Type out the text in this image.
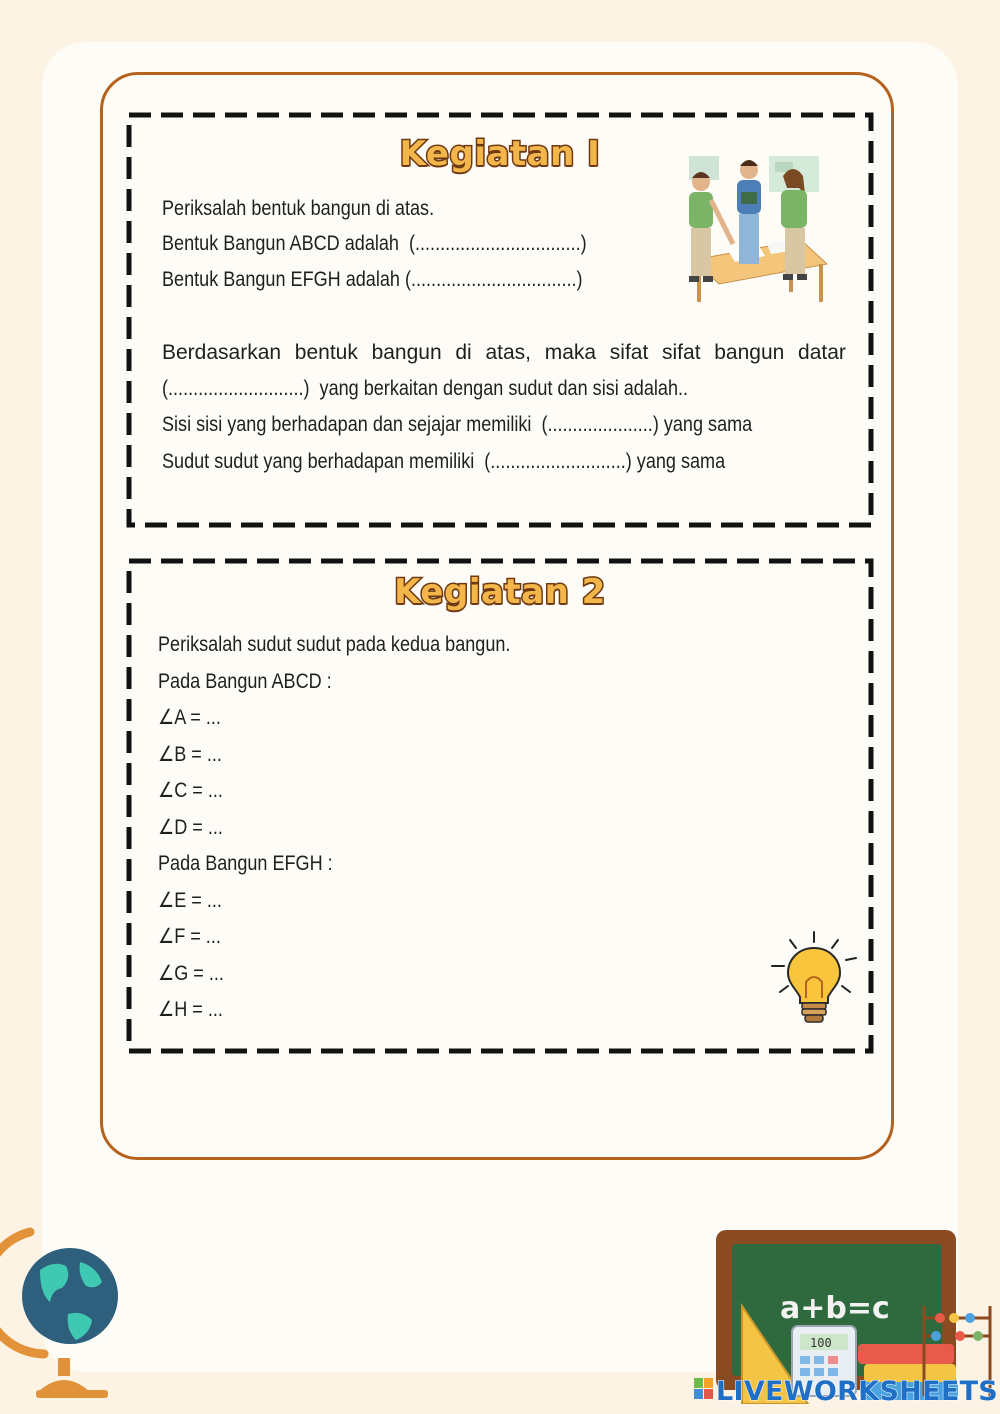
Kegiatan I
Periksalah bentuk bangun di atas.
Bentuk Bangun ABCD adalah  (.................................)
Bentuk Bangun EFGH adalah (.................................)
Berdasarkan bentuk bangun di atas, maka sifat sifat bangun datar
(...........................)  yang berkaitan dengan sudut dan sisi adalah..
Sisi sisi yang berhadapan dan sejajar memiliki  (.....................) yang sama
Sudut sudut yang berhadapan memiliki  (...........................) yang sama
Kegiatan 2
Periksalah sudut sudut pada kedua bangun.
Pada Bangun ABCD :
∠A = ...
∠B = ...
∠C = ...
∠D = ...
Pada Bangun EFGH :
∠E = ...
∠F = ...
∠G = ...
∠H = ...
a+b=c
100
LIVEWORKSHEETS
